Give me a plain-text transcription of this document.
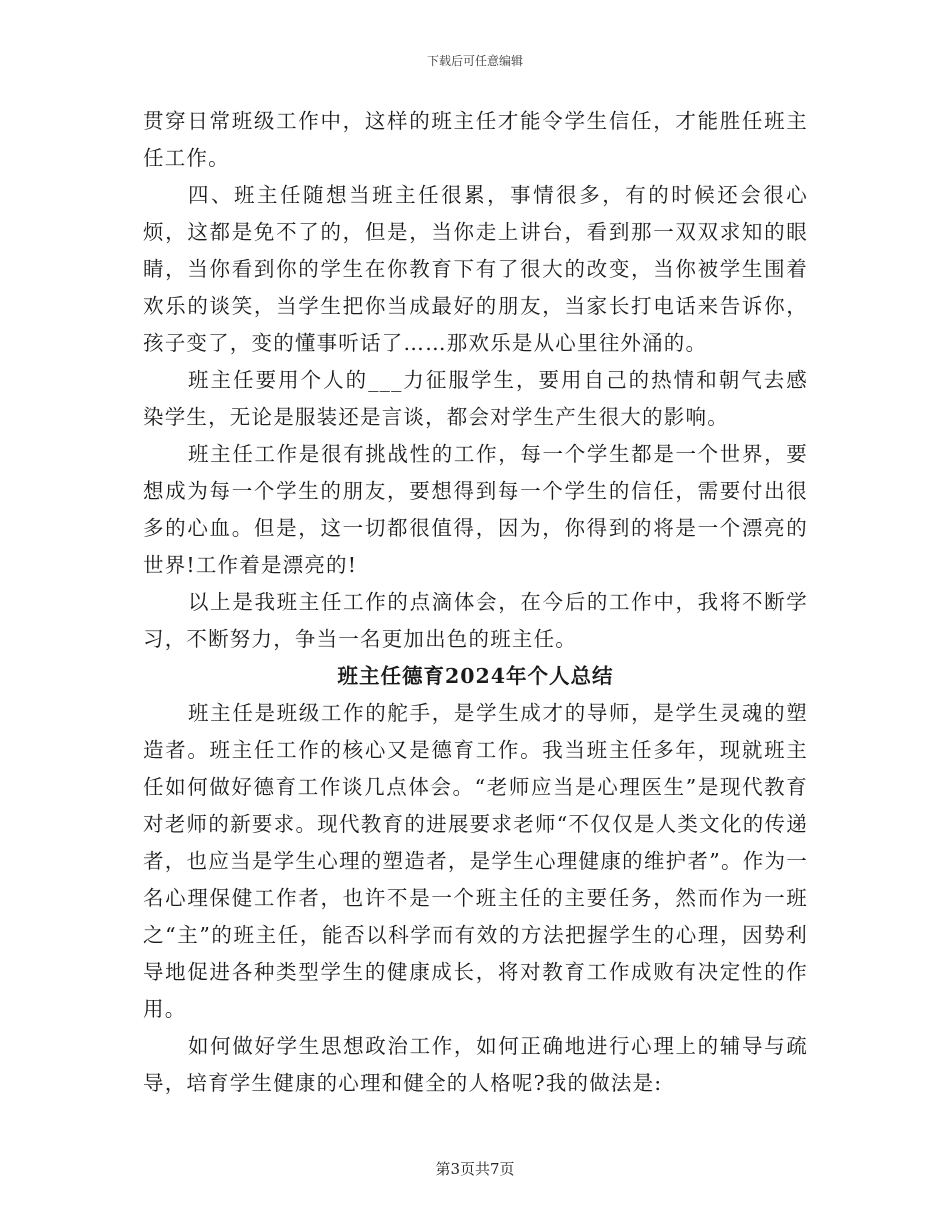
下载后可任意编辑

贯穿日常班级工作中，这样的班主任才能令学生信任，才能胜任班主任工作。

四、班主任随想当班主任很累，事情很多，有的时候还会很心烦，这都是免不了的，但是，当你走上讲台，看到那一双双求知的眼睛，当你看到你的学生在你教育下有了很大的改变，当你被学生围着欢乐的谈笑，当学生把你当成最好的朋友，当家长打电话来告诉你，孩子变了，变的懂事听话了……那欢乐是从心里往外涌的。

班主任要用个人的___力征服学生，要用自己的热情和朝气去感染学生，无论是服装还是言谈，都会对学生产生很大的影响。

班主任工作是很有挑战性的工作，每一个学生都是一个世界，要想成为每一个学生的朋友，要想得到每一个学生的信任，需要付出很多的心血。但是，这一切都很值得，因为，你得到的将是一个漂亮的世界!工作着是漂亮的!

以上是我班主任工作的点滴体会，在今后的工作中，我将不断学习，不断努力，争当一名更加出色的班主任。

班主任德育2024年个人总结

班主任是班级工作的舵手，是学生成才的导师，是学生灵魂的塑造者。班主任工作的核心又是德育工作。我当班主任多年，现就班主任如何做好德育工作谈几点体会。“老师应当是心理医生”是现代教育对老师的新要求。现代教育的进展要求老师“不仅仅是人类文化的传递者，也应当是学生心理的塑造者，是学生心理健康的维护者”。作为一名心理保健工作者，也许不是一个班主任的主要任务，然而作为一班之“主”的班主任，能否以科学而有效的方法把握学生的心理，因势利导地促进各种类型学生的健康成长，将对教育工作成败有决定性的作用。

如何做好学生思想政治工作，如何正确地进行心理上的辅导与疏导，培育学生健康的心理和健全的人格呢?我的做法是:

第3页共7页
